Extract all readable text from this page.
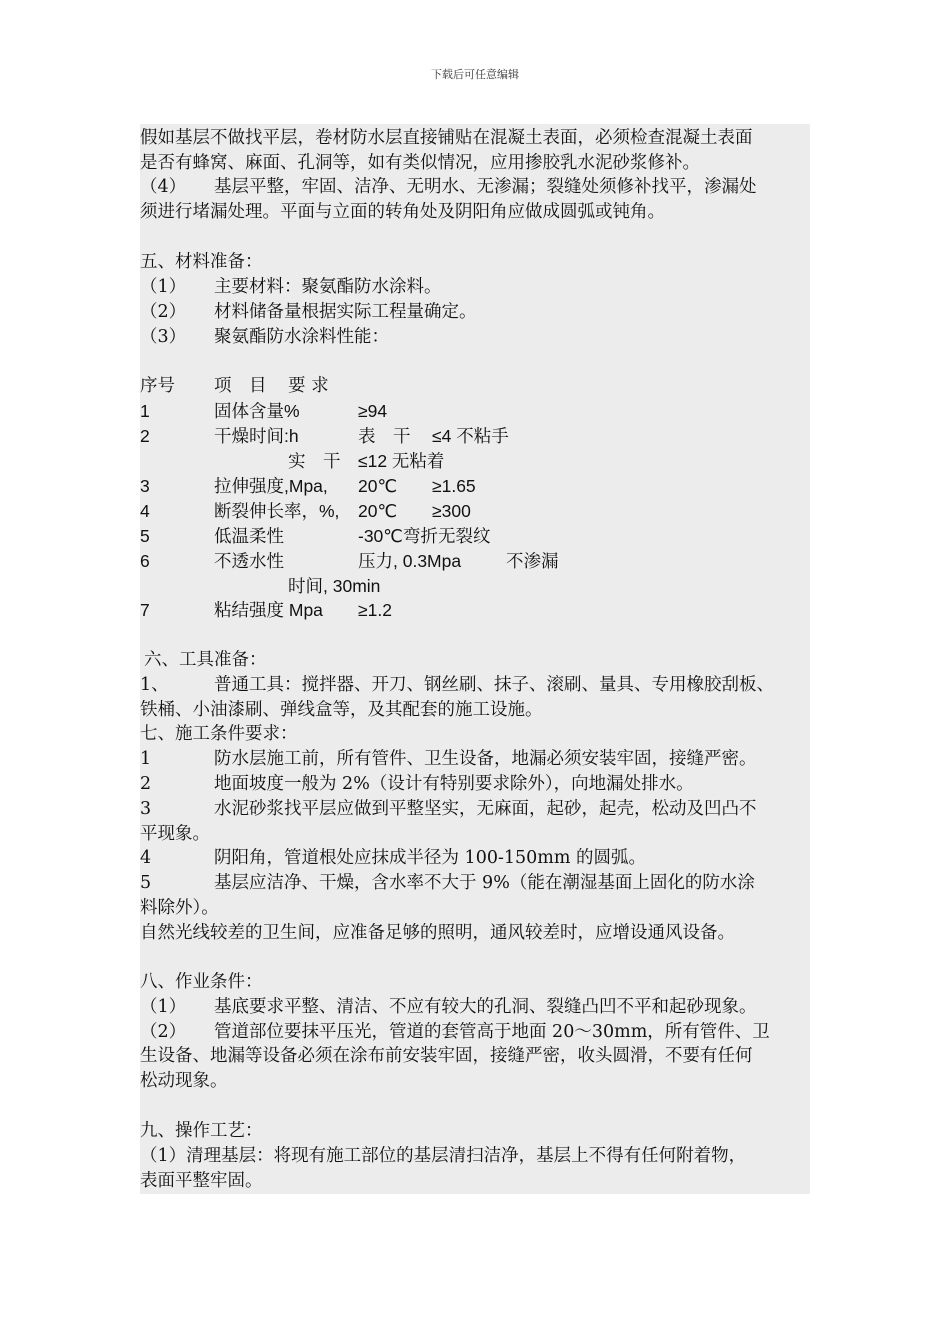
下载后可任意编辑
假如基层不做找平层，卷材防水层直接铺贴在混凝土表面，必须检查混凝土表面
是否有蜂窝、麻面、孔洞等，如有类似情况，应用掺胶乳水泥砂浆修补。
（4） 基层平整，牢固、洁净、无明水、无渗漏；裂缝处须修补找平，渗漏处
须进行堵漏处理。平面与立面的转角处及阴阳角应做成圆弧或钝角。
五、材料准备：
（1） 主要材料：聚氨酯防水涂料。
（2） 材料储备量根据实际工程量确定。
（3） 聚氨酯防水涂料性能：
序号 项　目 要 求
1	固体含量%	≥94
2	干燥时间:h	表　干 ≤4 不粘手
实　干 ≤12 无粘着
3	拉伸强度,Mpa, 20℃ ≥1.65
4	断裂伸长率，%, 20℃ ≥300
5	低温柔性	-30℃弯折无裂纹
6	不透水性	压力, 0.3Mpa	不渗漏
时间, 30min
7	粘结强度 Mpa ≥1.2
六、工具准备：
1、	普通工具：搅拌器、开刀、钢丝刷、抹子、滚刷、量具、专用橡胶刮板、
铁桶、小油漆刷、弹线盒等，及其配套的施工设施。
七、施工条件要求：
1	防水层施工前，所有管件、卫生设备，地漏必须安装牢固，接缝严密。
2	地面坡度一般为 2%（设计有特别要求除外），向地漏处排水。
3	水泥砂浆找平层应做到平整坚实，无麻面，起砂，起壳，松动及凹凸不
平现象。
4	阴阳角，管道根处应抹成半径为 100-150mm 的圆弧。
5	基层应洁净、干燥，含水率不大于 9%（能在潮湿基面上固化的防水涂
料除外）。
自然光线较差的卫生间，应准备足够的照明，通风较差时，应增设通风设备。
八、作业条件：
（1） 基底要求平整、清洁、不应有较大的孔洞、裂缝凸凹不平和起砂现象。
（2） 管道部位要抹平压光，管道的套管高于地面 20～30mm，所有管件、卫
生设备、地漏等设备必须在涂布前安装牢固，接缝严密，收头圆滑，不要有任何
松动现象。
九、操作工艺：
（1）清理基层：将现有施工部位的基层清扫洁净，基层上不得有任何附着物，
表面平整牢固。
